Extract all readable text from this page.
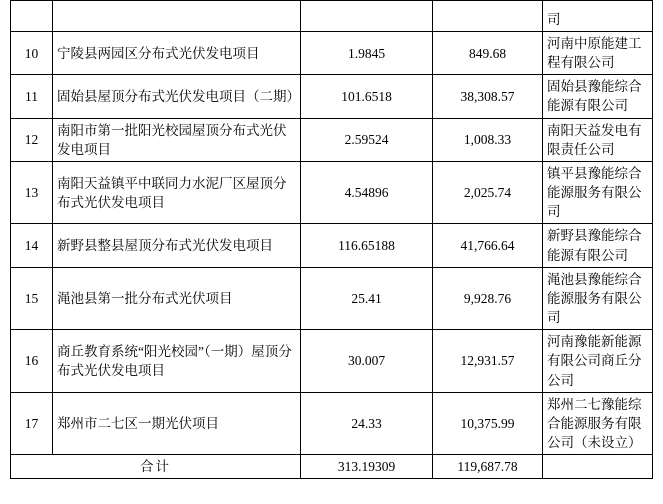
				司
10	宁陵县两园区分布式光伏发电项目	1.9845	849.68	河南中原能建工程有限公司
11	固始县屋顶分布式光伏发电项目（二期）	101.6518	38,308.57	固始县豫能综合能源有限公司
12	南阳市第一批阳光校园屋顶分布式光伏发电项目	2.59524	1,008.33	南阳天益发电有限责任公司
13	南阳天益镇平中联同力水泥厂区屋顶分布式光伏发电项目	4.54896	2,025.74	镇平县豫能综合能源服务有限公司
14	新野县整县屋顶分布式光伏发电项目	116.65188	41,766.64	新野县豫能综合能源有限公司
15	渑池县第一批分布式光伏项目	25.41	9,928.76	渑池县豫能综合能源服务有限公司
16	商丘教育系统“阳光校园”（一期）屋顶分布式光伏发电项目	30.007	12,931.57	河南豫能新能源有限公司商丘分公司
17	郑州市二七区一期光伏项目	24.33	10,375.99	郑州二七豫能综合能源服务有限公司（未设立）
合计		313.19309	119,687.78	
